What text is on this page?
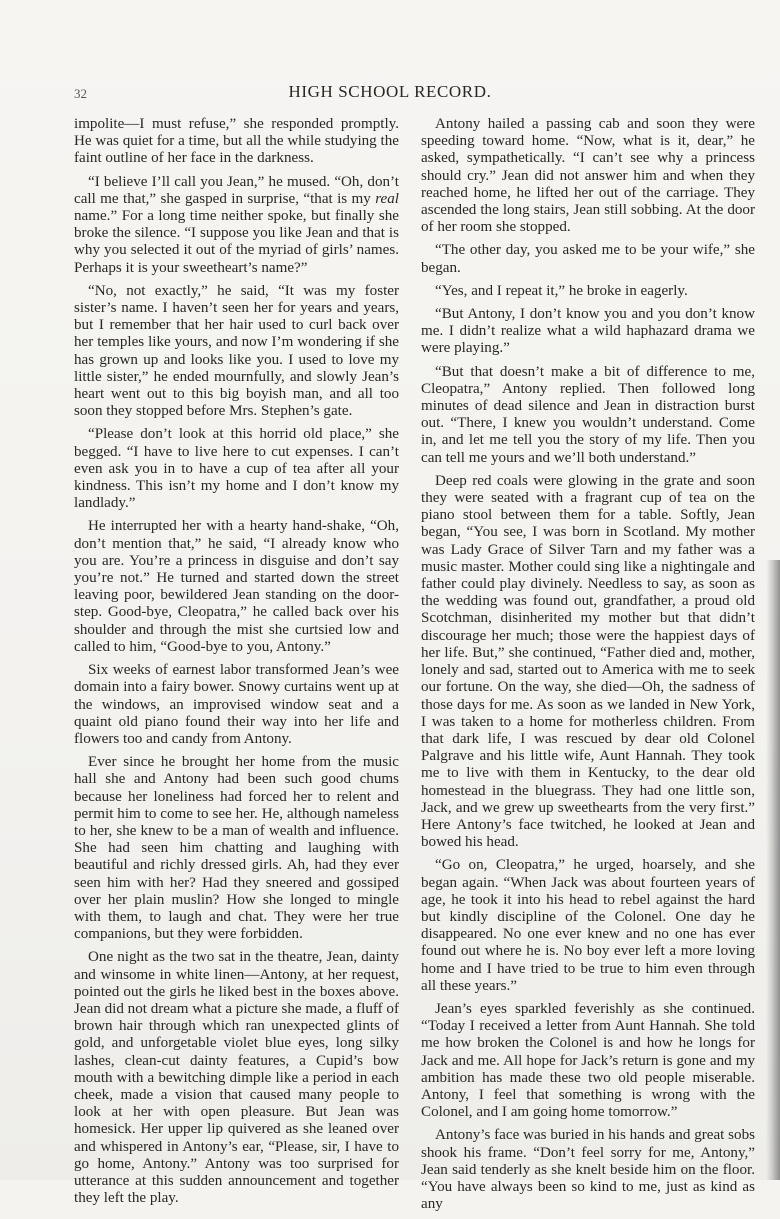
32	HIGH SCHOOL RECORD.

impolite—I must refuse,” she responded promptly. He was quiet for a time, but all the while studying the faint outline of her face in the darkness.

“I believe I’ll call you Jean,” he mused. “Oh, don’t call me that,” she gasped in surprise, “that is my real name.” For a long time neither spoke, but finally she broke the silence. “I suppose you like Jean and that is why you selected it out of the myriad of girls’ names. Perhaps it is your sweetheart’s name?”

“No, not exactly,” he said, “It was my foster sister’s name. I haven’t seen her for years and years, but I remember that her hair used to curl back over her temples like yours, and now I’m wondering if she has grown up and looks like you. I used to love my little sister,” he ended mournfully, and slowly Jean’s heart went out to this big boyish man, and all too soon they stopped before Mrs. Stephen’s gate.

“Please don’t look at this horrid old place,” she begged. “I have to live here to cut expenses. I can’t even ask you in to have a cup of tea after all your kindness. This isn’t my home and I don’t know my landlady.”

He interrupted her with a hearty hand-shake, “Oh, don’t mention that,” he said, “I already know who you are. You’re a princess in disguise and don’t say you’re not.” He turned and started down the street leaving poor, bewildered Jean standing on the door-step. Good-bye, Cleopatra,” he called back over his shoulder and through the mist she curtsied low and called to him, “Good-bye to you, Antony.”

Six weeks of earnest labor transformed Jean’s wee domain into a fairy bower. Snowy curtains went up at the windows, an improvised window seat and a quaint old piano found their way into her life and flowers too and candy from Antony.

Ever since he brought her home from the music hall she and Antony had been such good chums because her loneliness had forced her to relent and permit him to come to see her. He, although nameless to her, she knew to be a man of wealth and influence. She had seen him chatting and laughing with beautiful and richly dressed girls. Ah, had they ever seen him with her? Had they sneered and gossiped over her plain muslin? How she longed to mingle with them, to laugh and chat. They were her true companions, but they were forbidden.

One night as the two sat in the theatre, Jean, dainty and winsome in white linen—Antony, at her request, pointed out the girls he liked best in the boxes above. Jean did not dream what a picture she made, a fluff of brown hair through which ran unexpected glints of gold, and unforgetable violet blue eyes, long silky lashes, clean-cut dainty features, a Cupid’s bow mouth with a bewitching dimple like a period in each cheek, made a vision that caused many people to look at her with open pleasure. But Jean was homesick. Her upper lip quivered as she leaned over and whispered in Antony’s ear, “Please, sir, I have to go home, Antony.” Antony was too surprised for utterance at this sudden announcement and together they left the play.

Antony hailed a passing cab and soon they were speeding toward home. “Now, what is it, dear,” he asked, sympathetically. “I can’t see why a princess should cry.” Jean did not answer him and when they reached home, he lifted her out of the carriage. They ascended the long stairs, Jean still sobbing. At the door of her room she stopped.

“The other day, you asked me to be your wife,” she began.

“Yes, and I repeat it,” he broke in eagerly.

“But Antony, I don’t know you and you don’t know me. I didn’t realize what a wild haphazard drama we were playing.”

“But that doesn’t make a bit of difference to me, Cleopatra,” Antony replied. Then followed long minutes of dead silence and Jean in distraction burst out. “There, I knew you wouldn’t understand. Come in, and let me tell you the story of my life. Then you can tell me yours and we’ll both understand.”

Deep red coals were glowing in the grate and soon they were seated with a fragrant cup of tea on the piano stool between them for a table. Softly, Jean began, “You see, I was born in Scotland. My mother was Lady Grace of Silver Tarn and my father was a music master. Mother could sing like a nightingale and father could play divinely. Needless to say, as soon as the wedding was found out, grandfather, a proud old Scotchman, disinherited my mother but that didn’t discourage her much; those were the happiest days of her life. But,” she continued, “Father died and, mother, lonely and sad, started out to America with me to seek our fortune. On the way, she died—Oh, the sadness of those days for me. As soon as we landed in New York, I was taken to a home for motherless children. From that dark life, I was rescued by dear old Colonel Palgrave and his little wife, Aunt Hannah. They took me to live with them in Kentucky, to the dear old homestead in the bluegrass. They had one little son, Jack, and we grew up sweethearts from the very first.” Here Antony’s face twitched, he looked at Jean and bowed his head.

“Go on, Cleopatra,” he urged, hoarsely, and she began again. “When Jack was about fourteen years of age, he took it into his head to rebel against the hard but kindly discipline of the Colonel. One day he disappeared. No one ever knew and no one has ever found out where he is. No boy ever left a more loving home and I have tried to be true to him even through all these years.”

Jean’s eyes sparkled feverishly as she continued. “Today I received a letter from Aunt Hannah. She told me how broken the Colonel is and how he longs for Jack and me. All hope for Jack’s return is gone and my ambition has made these two old people miserable. Antony, I feel that something is wrong with the Colonel, and I am going home tomorrow.”

Antony’s face was buried in his hands and great sobs shook his frame. “Don’t feel sorry for me, Antony,” Jean said tenderly as she knelt beside him on the floor. “You have always been so kind to me, just as kind as any
